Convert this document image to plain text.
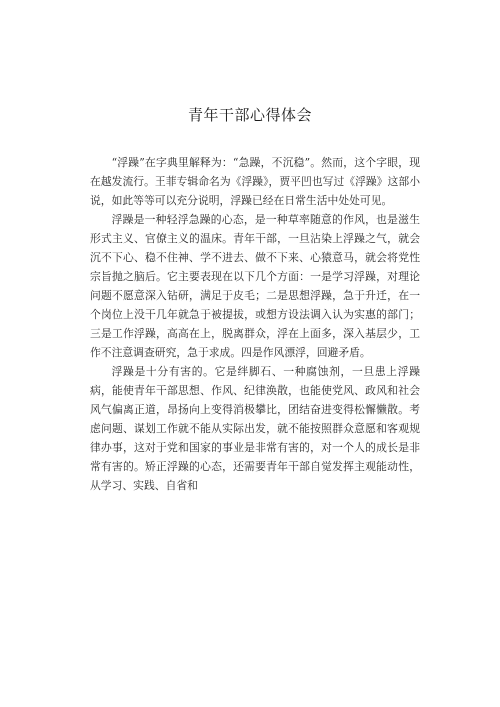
青年干部心得体会

“浮躁”在字典里解释为：“急躁，不沉稳”。然而，这个字眼，现在越发流行。王菲专辑命名为《浮躁》，贾平凹也写过《浮躁》这部小说，如此等等可以充分说明，浮躁已经在日常生活中处处可见。

浮躁是一种轻浮急躁的心态，是一种草率随意的作风，也是滋生形式主义、官僚主义的温床。青年干部，一旦沾染上浮躁之气，就会沉不下心、稳不住神、学不进去、做不下来、心猿意马，就会将党性宗旨抛之脑后。它主要表现在以下几个方面：一是学习浮躁，对理论问题不愿意深入钻研，满足于皮毛；二是思想浮躁，急于升迁，在一个岗位上没干几年就急于被提拔，或想方设法调入认为实惠的部门；三是工作浮躁，高高在上，脱离群众，浮在上面多，深入基层少，工作不注意调查研究，急于求成。四是作风漂浮，回避矛盾。

浮躁是十分有害的。它是绊脚石、一种腐蚀剂，一旦患上浮躁病，能使青年干部思想、作风、纪律涣散，也能使党风、政风和社会风气偏离正道，昂扬向上变得消极攀比，团结奋进变得松懈懒散。考虑问题、谋划工作就不能从实际出发，就不能按照群众意愿和客观规律办事，这对于党和国家的事业是非常有害的，对一个人的成长是非常有害的。矫正浮躁的心态，还需要青年干部自觉发挥主观能动性，从学习、实践、自省和
